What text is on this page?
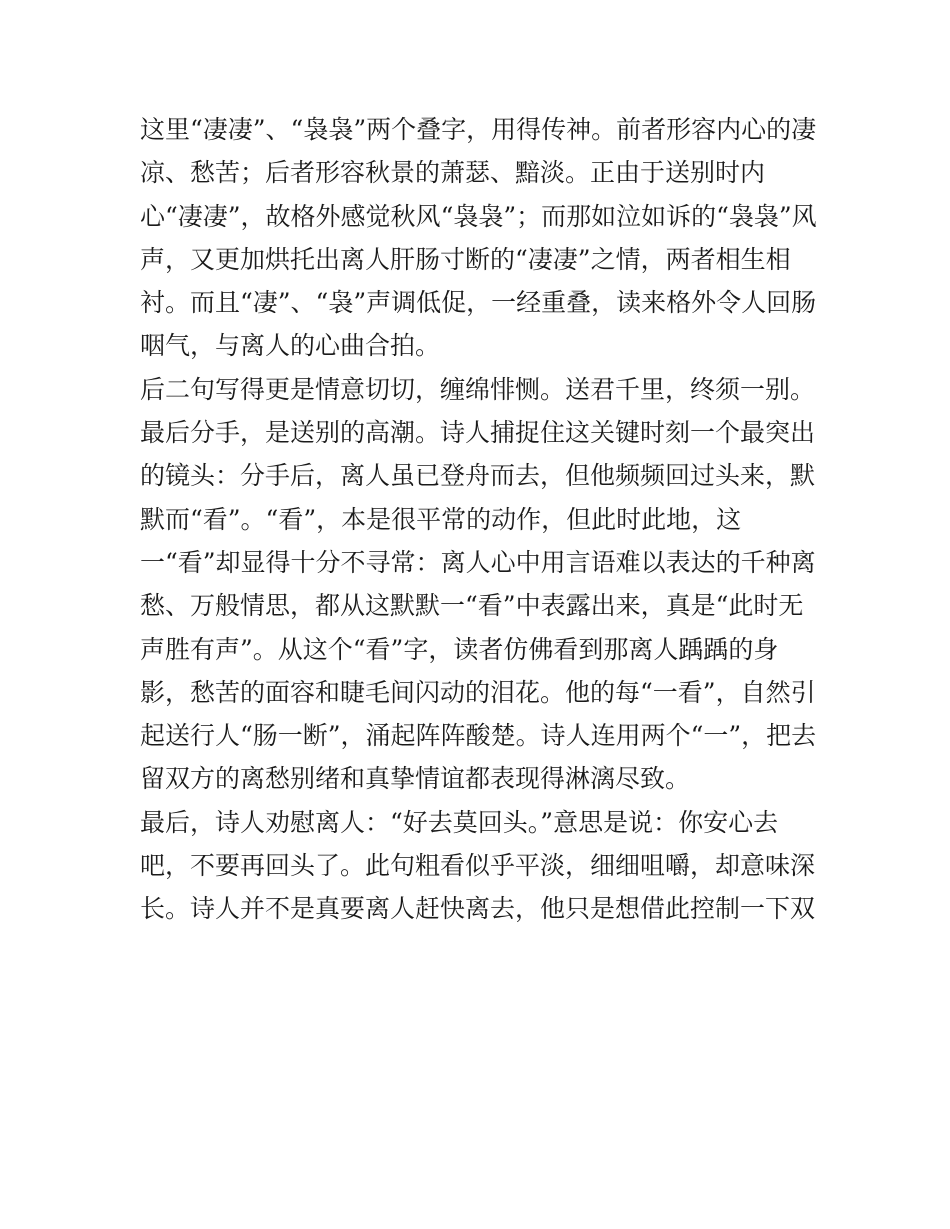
这里“凄凄”、“袅袅”两个叠字，用得传神。前者形容内心的凄
凉、愁苦；后者形容秋景的萧瑟、黯淡。正由于送别时内
心“凄凄”，故格外感觉秋风“袅袅”；而那如泣如诉的“袅袅”风
声，又更加烘托出离人肝肠寸断的“凄凄”之情，两者相生相
衬。而且“凄”、“袅”声调低促，一经重叠，读来格外令人回肠
咽气，与离人的心曲合拍。
后二句写得更是情意切切，缠绵悱恻。送君千里，终须一别。
最后分手，是送别的高潮。诗人捕捉住这关键时刻一个最突出
的镜头：分手后，离人虽已登舟而去，但他频频回过头来，默
默而“看”。“看”，本是很平常的动作，但此时此地，这
一“看”却显得十分不寻常：离人心中用言语难以表达的千种离
愁、万般情思，都从这默默一“看”中表露出来，真是“此时无
声胜有声”。从这个“看”字，读者仿佛看到那离人踽踽的身
影，愁苦的面容和睫毛间闪动的泪花。他的每“一看”，自然引
起送行人“肠一断”，涌起阵阵酸楚。诗人连用两个“一”，把去
留双方的离愁别绪和真挚情谊都表现得淋漓尽致。
最后，诗人劝慰离人：“好去莫回头。”意思是说：你安心去
吧，不要再回头了。此句粗看似乎平淡，细细咀嚼，却意味深
长。诗人并不是真要离人赶快离去，他只是想借此控制一下双
